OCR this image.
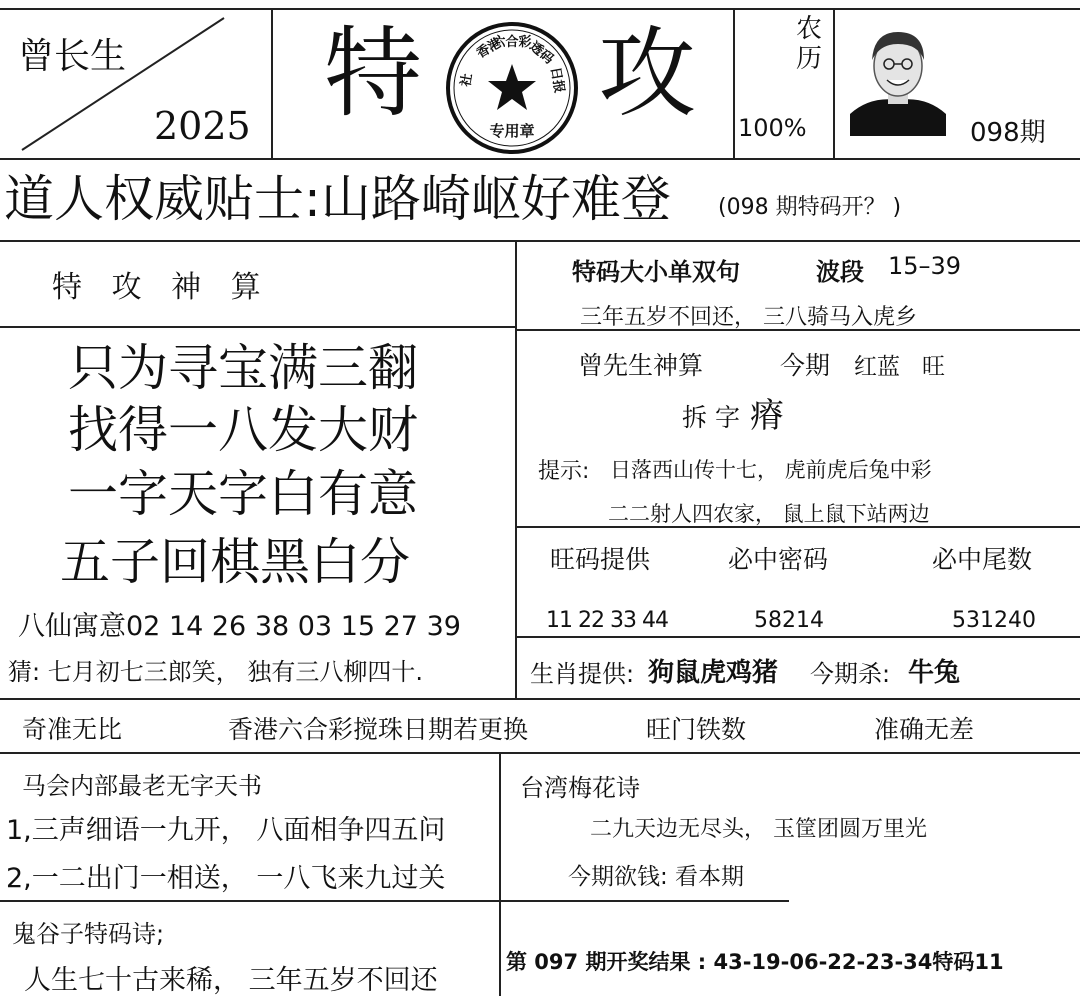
曾长生
2025 特 攻
香港
六合彩
透码
日报
社
专用章
农历
100%	098期
道人权威贴士:山路崎岖好难登 (098 期特码开？ )
特 攻 神 算
只为寻宝满三翻
找得一八发大财
一字天字白有意
五子回棋黑白分
八仙寓意02 14 26 38 03 15 27 39
猜: 七月初七三郎笑， 独有三八柳四十.
特码大小单双句	波段 15–39
三年五岁不回还， 三八骑马入虎乡
曾先生神算	今期 红蓝 旺
拆 字 瘠
提示: 日落西山传十七， 虎前虎后兔中彩
二二射人四农家， 鼠上鼠下站两边
旺码提供	必中密码	必中尾数
11 22 33 44	58214	531240
生肖提供: 狗鼠虎鸡猪 今期杀: 牛兔
奇准无比	香港六合彩搅珠日期若更换	旺门铁数	准确无差
马会内部最老无字天书
1,三声细语一九开， 八面相争四五问
2,一二出门一相送， 一八飞来九过关
鬼谷子特码诗;
人生七十古来稀， 三年五岁不回还
台湾梅花诗
二九天边无尽头， 玉筐团圆万里光
今期欲钱: 看本期
第 097 期开奖结果 : 43-19-06-22-23-34特码11
